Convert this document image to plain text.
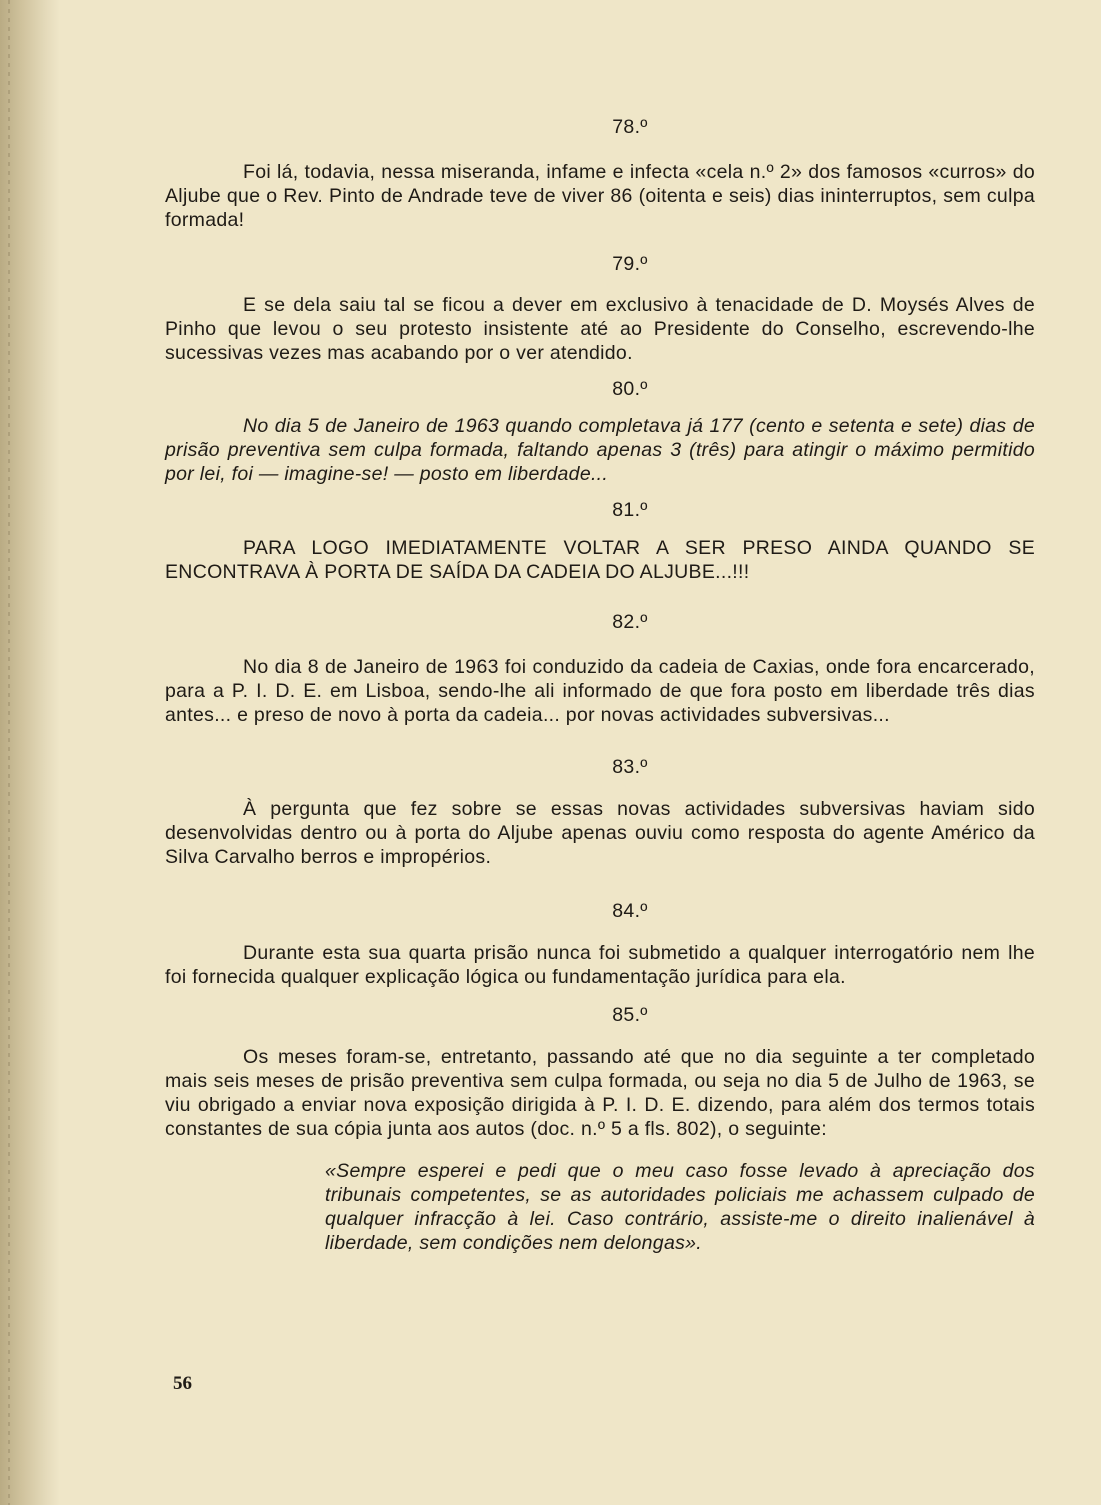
78.º

Foi lá, todavia, nessa miseranda, infame e infecta «cela n.º 2» dos famosos «curros» do Aljube que o Rev. Pinto de Andrade teve de viver 86 (oitenta e seis) dias ininterruptos, sem culpa formada!

79.º

E se dela saiu tal se ficou a dever em exclusivo à tenacidade de D. Moysés Alves de Pinho que levou o seu protesto insistente até ao Presidente do Conselho, escrevendo-lhe sucessivas vezes mas acabando por o ver atendido.

80.º

No dia 5 de Janeiro de 1963 quando completava já 177 (cento e setenta e sete) dias de prisão preventiva sem culpa formada, faltando apenas 3 (três) para atingir o máximo permitido por lei, foi — imagine-se! — posto em liberdade...

81.º

PARA LOGO IMEDIATAMENTE VOLTAR A SER PRESO AINDA QUANDO SE ENCONTRAVA À PORTA DE SAÍDA DA CADEIA DO ALJUBE...!!!

82.º

No dia 8 de Janeiro de 1963 foi conduzido da cadeia de Caxias, onde fora encarcerado, para a P. I. D. E. em Lisboa, sendo-lhe ali informado de que fora posto em liberdade três dias antes... e preso de novo à porta da cadeia... por novas actividades subversivas...

83.º

À pergunta que fez sobre se essas novas actividades subversivas haviam sido desenvolvidas dentro ou à porta do Aljube apenas ouviu como resposta do agente Américo da Silva Carvalho berros e impropérios.

84.º

Durante esta sua quarta prisão nunca foi submetido a qualquer interrogatório nem lhe foi fornecida qualquer explicação lógica ou fundamentação jurídica para ela.

85.º

Os meses foram-se, entretanto, passando até que no dia seguinte a ter completado mais seis meses de prisão preventiva sem culpa formada, ou seja no dia 5 de Julho de 1963, se viu obrigado a enviar nova exposição dirigida à P. I. D. E. dizendo, para além dos termos totais constantes de sua cópia junta aos autos (doc. n.º 5 a fls. 802), o seguinte:

«Sempre esperei e pedi que o meu caso fosse levado à apreciação dos tribunais competentes, se as autoridades policiais me achassem culpado de qualquer infracção à lei. Caso contrário, assiste-me o direito inalienável à liberdade, sem condições nem delongas».

56
